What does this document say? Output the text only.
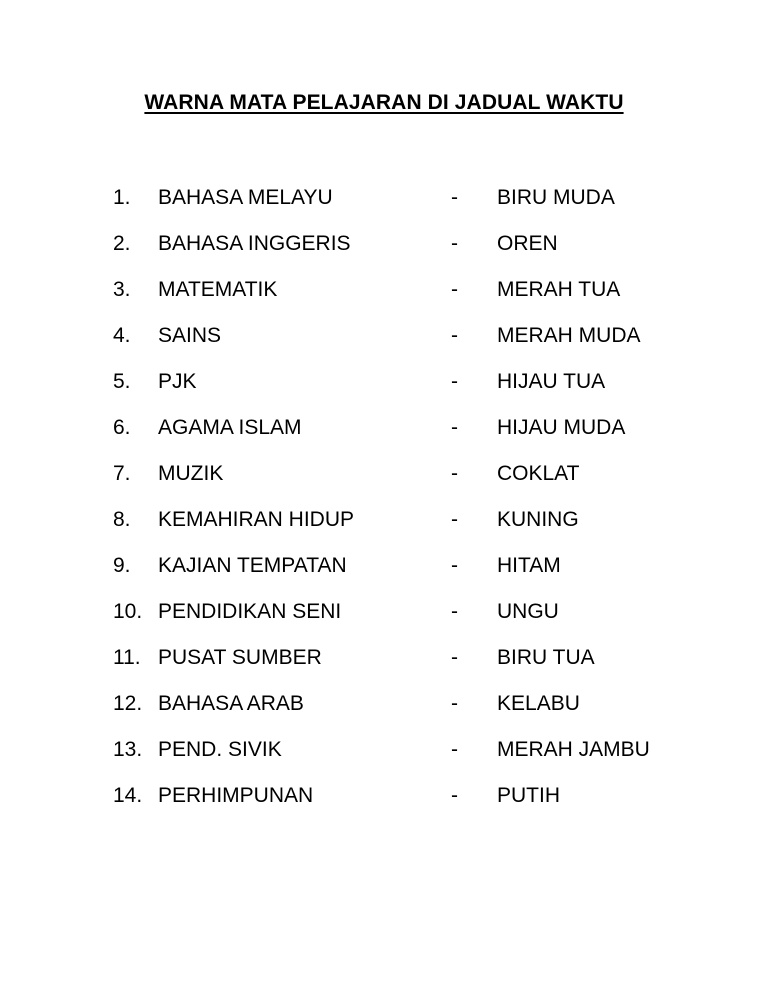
WARNA MATA PELAJARAN DI JADUAL WAKTU
1. BAHASA MELAYU	- BIRU MUDA
2. BAHASA INGGERIS	- OREN
3. MATEMATIK	- MERAH TUA
4. SAINS	- MERAH MUDA
5. PJK	- HIJAU TUA
6. AGAMA ISLAM	- HIJAU MUDA
7. MUZIK	- COKLAT
8. KEMAHIRAN HIDUP	- KUNING
9. KAJIAN TEMPATAN	- HITAM
10. PENDIDIKAN SENI	- UNGU
11. PUSAT SUMBER	- BIRU TUA
12. BAHASA ARAB	- KELABU
13. PEND. SIVIK	- MERAH JAMBU
14. PERHIMPUNAN	- PUTIH
